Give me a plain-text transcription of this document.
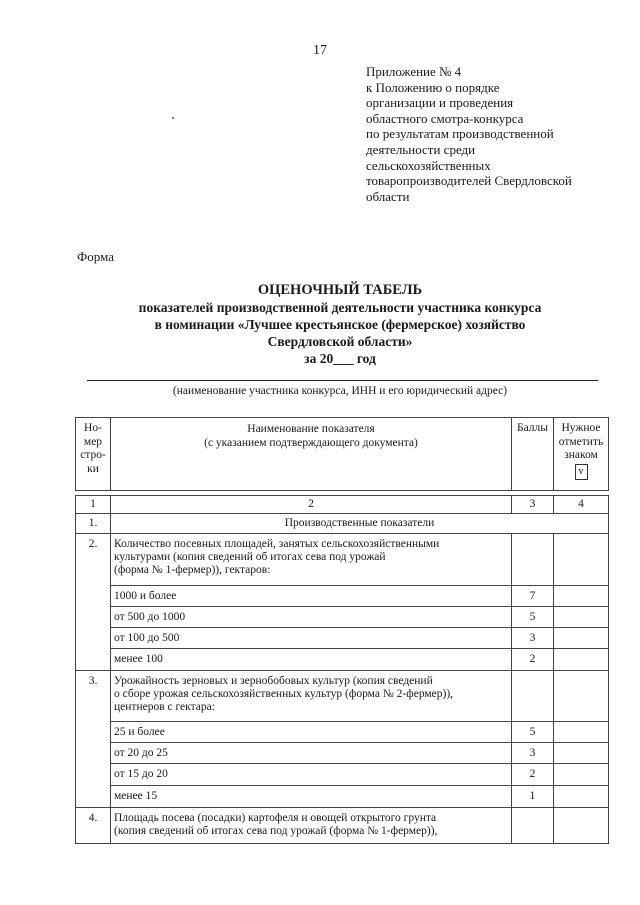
17
Приложение № 4
к Положению о порядке
организации и проведения
областного смотра-конкурса
по результатам производственной
деятельности среди
сельскохозяйственных
товаропроизводителей Свердловской
области
Форма
ОЦЕНОЧНЫЙ ТАБЕЛЬ
показателей производственной деятельности участника конкурса
в номинации «Лучшее крестьянское (фермерское) хозяйство
Свердловской области»
за 20___ год
(наименование участника конкурса, ИНН и его юридический адрес)
Но-
мер
стро-
ки

Наименование показателя
(с указанием подтверждающего документа)
	Баллы	Нужное
отметить
знаком
v
1	2	3	4
1.	Производственные показатели		
2.	Количество посевных площадей, занятых сельскохозяйственными
культурами (копия сведений об итогах сева под урожай
(форма № 1-фермер)), гектаров:		

	1000 и более	7	
	от 500 до 1000	5	
	от 100 до 500	3	
	менее 100	2	
3.	Урожайность зерновых и зернобобовых культур (копия сведений
о сборе урожая сельскохозяйственных культур (форма № 2-фермер)),
центнеров с гектара:		

	25 и более	5	
	от 20 до 25	3	
	от 15 до 20	2	
	менее 15	1	
4.	Площадь посева (посадки) картофеля и овощей открытого грунта
(копия сведений об итогах сева под урожай (форма № 1-фермер)),		
